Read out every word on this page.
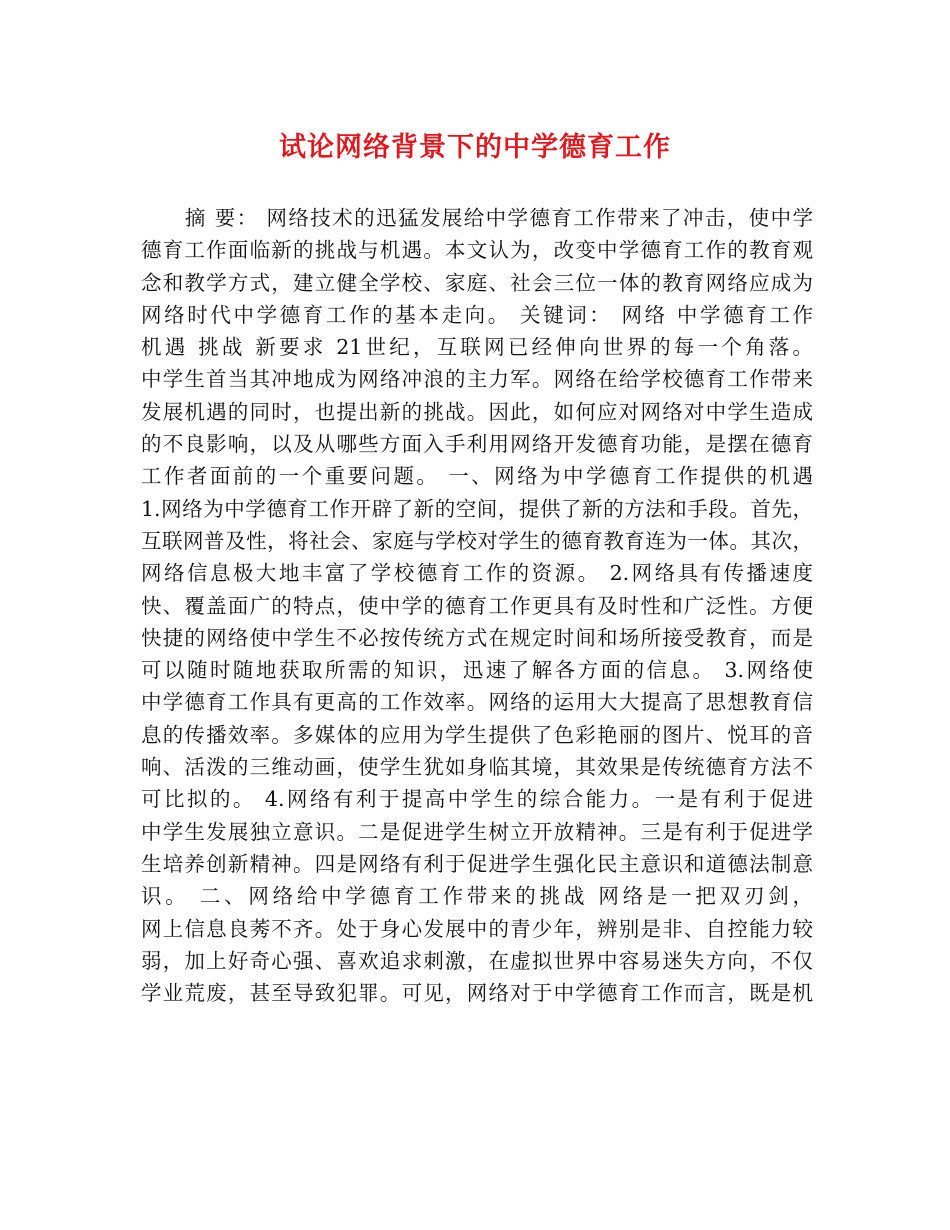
试论网络背景下的中学德育工作
　　摘 要： 网络技术的迅猛发展给中学德育工作带来了冲击，使中学
德育工作面临新的挑战与机遇。本文认为，改变中学德育工作的教育观
念和教学方式，建立健全学校、家庭、社会三位一体的教育网络应成为
网络时代中学德育工作的基本走向。 关键词： 网络 中学德育工作
机遇 挑战 新要求 21世纪，互联网已经伸向世界的每一个角落。
中学生首当其冲地成为网络冲浪的主力军。网络在给学校德育工作带来
发展机遇的同时，也提出新的挑战。因此，如何应对网络对中学生造成
的不良影响，以及从哪些方面入手利用网络开发德育功能，是摆在德育
工作者面前的一个重要问题。 一、网络为中学德育工作提供的机遇
1.网络为中学德育工作开辟了新的空间，提供了新的方法和手段。首先，
互联网普及性，将社会、家庭与学校对学生的德育教育连为一体。其次，
网络信息极大地丰富了学校德育工作的资源。 2.网络具有传播速度
快、覆盖面广的特点，使中学的德育工作更具有及时性和广泛性。方便
快捷的网络使中学生不必按传统方式在规定时间和场所接受教育，而是
可以随时随地获取所需的知识，迅速了解各方面的信息。 3.网络使
中学德育工作具有更高的工作效率。网络的运用大大提高了思想教育信
息的传播效率。多媒体的应用为学生提供了色彩艳丽的图片、悦耳的音
响、活泼的三维动画，使学生犹如身临其境，其效果是传统德育方法不
可比拟的。 4.网络有利于提高中学生的综合能力。一是有利于促进
中学生发展独立意识。二是促进学生树立开放精神。三是有利于促进学
生培养创新精神。四是网络有利于促进学生强化民主意识和道德法制意
识。 二、网络给中学德育工作带来的挑战 网络是一把双刃剑，
网上信息良莠不齐。处于身心发展中的青少年，辨别是非、自控能力较
弱，加上好奇心强、喜欢追求刺激，在虚拟世界中容易迷失方向，不仅
学业荒废，甚至导致犯罪。可见，网络对于中学德育工作而言，既是机
